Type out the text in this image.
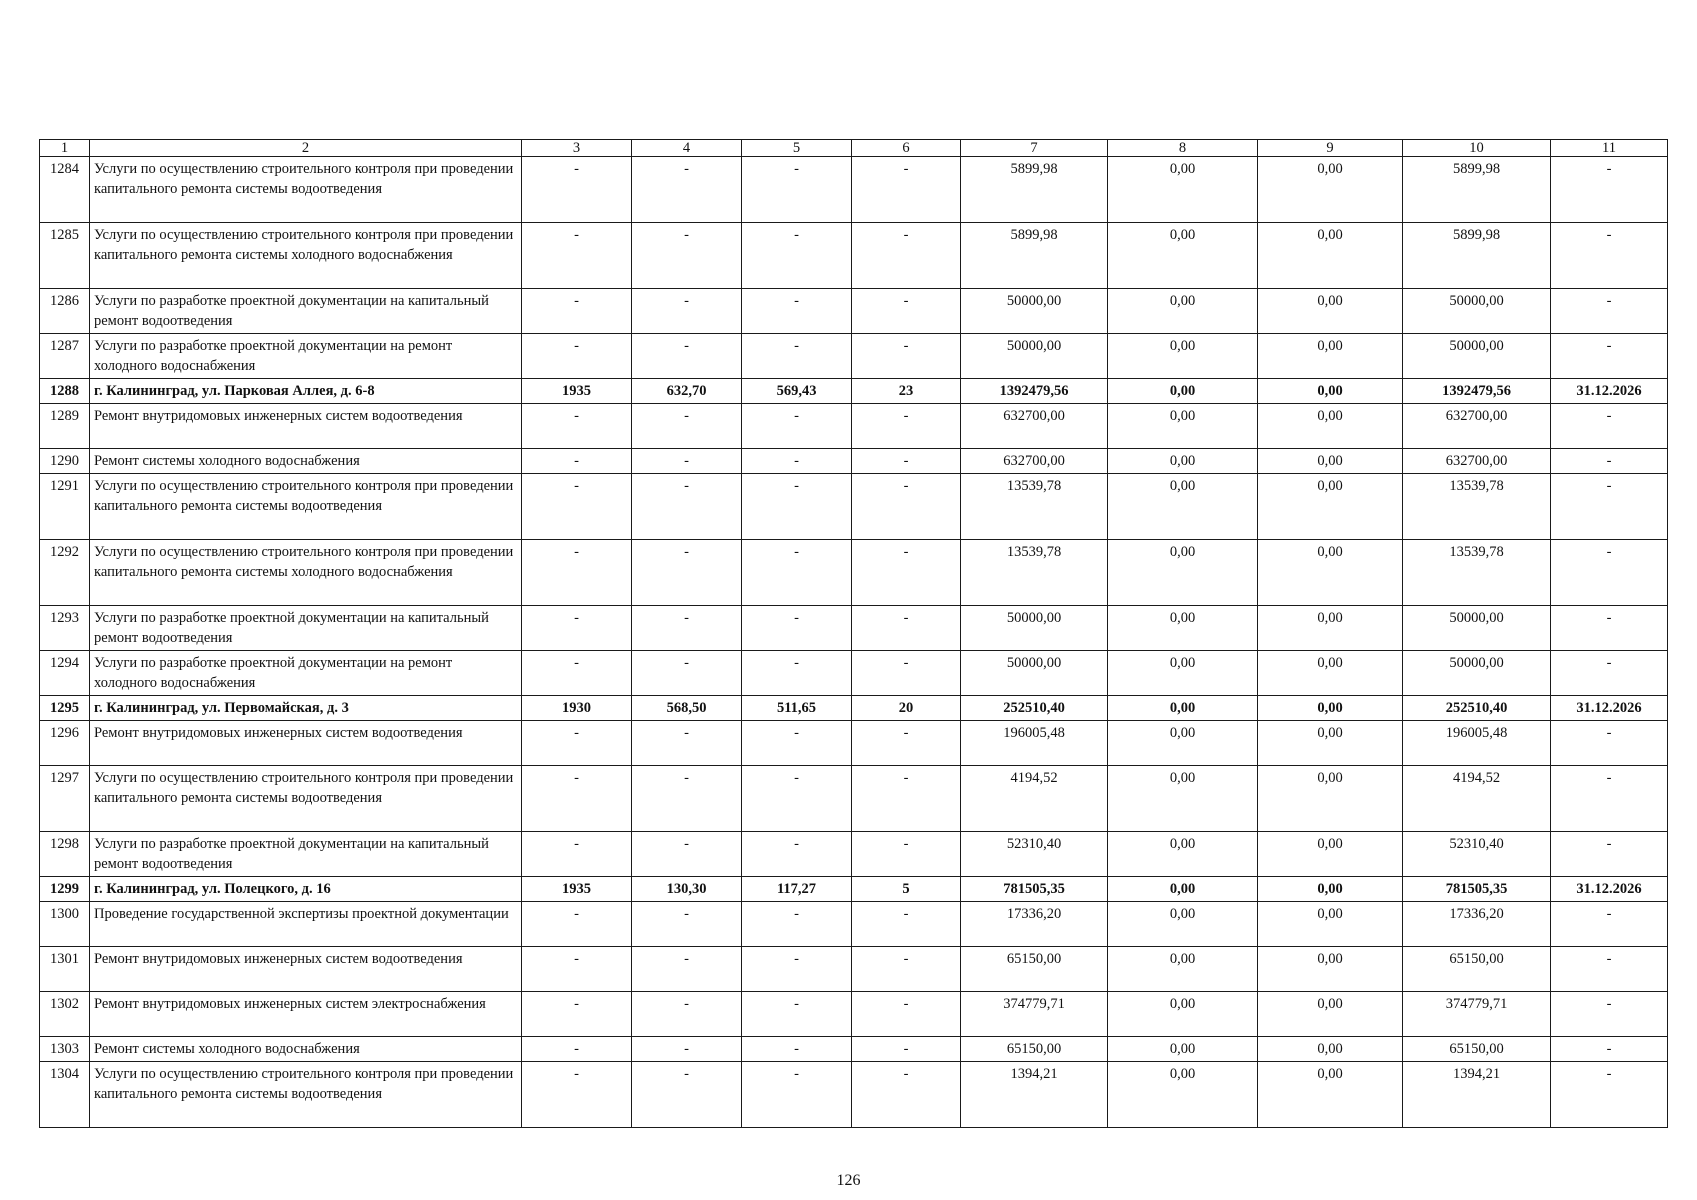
1	2	3	4	5	6	7	8	9	10	11
1284	Услуги по осуществлению строительного контроля при проведении капитального ремонта системы водоотведения	-	-	-	-	5899,98	0,00	0,00	5899,98	-
1285	Услуги по осуществлению строительного контроля при проведении капитального ремонта системы холодного водоснабжения	-	-	-	-	5899,98	0,00	0,00	5899,98	-
1286	Услуги по разработке проектной документации на капитальный ремонт водоотведения	-	-	-	-	50000,00	0,00	0,00	50000,00	-
1287	Услуги по разработке проектной документации на ремонт холодного водоснабжения	-	-	-	-	50000,00	0,00	0,00	50000,00	-
1288	г. Калининград, ул. Парковая Аллея, д. 6-8	1935	632,70	569,43	23	1392479,56	0,00	0,00	1392479,56	31.12.2026
1289	Ремонт внутридомовых инженерных систем водоотведения	-	-	-	-	632700,00	0,00	0,00	632700,00	-
1290	Ремонт системы холодного водоснабжения	-	-	-	-	632700,00	0,00	0,00	632700,00	-
1291	Услуги по осуществлению строительного контроля при проведении капитального ремонта системы водоотведения	-	-	-	-	13539,78	0,00	0,00	13539,78	-
1292	Услуги по осуществлению строительного контроля при проведении капитального ремонта системы холодного водоснабжения	-	-	-	-	13539,78	0,00	0,00	13539,78	-
1293	Услуги по разработке проектной документации на капитальный ремонт водоотведения	-	-	-	-	50000,00	0,00	0,00	50000,00	-
1294	Услуги по разработке проектной документации на ремонт холодного водоснабжения	-	-	-	-	50000,00	0,00	0,00	50000,00	-
1295	г. Калининград, ул. Первомайская, д. 3	1930	568,50	511,65	20	252510,40	0,00	0,00	252510,40	31.12.2026
1296	Ремонт внутридомовых инженерных систем водоотведения	-	-	-	-	196005,48	0,00	0,00	196005,48	-
1297	Услуги по осуществлению строительного контроля при проведении капитального ремонта системы водоотведения	-	-	-	-	4194,52	0,00	0,00	4194,52	-
1298	Услуги по разработке проектной документации на капитальный ремонт водоотведения	-	-	-	-	52310,40	0,00	0,00	52310,40	-
1299	г. Калининград, ул. Полецкого, д. 16	1935	130,30	117,27	5	781505,35	0,00	0,00	781505,35	31.12.2026
1300	Проведение государственной экспертизы проектной документации	-	-	-	-	17336,20	0,00	0,00	17336,20	-
1301	Ремонт внутридомовых инженерных систем водоотведения	-	-	-	-	65150,00	0,00	0,00	65150,00	-
1302	Ремонт внутридомовых инженерных систем электроснабжения	-	-	-	-	374779,71	0,00	0,00	374779,71	-
1303	Ремонт системы холодного водоснабжения	-	-	-	-	65150,00	0,00	0,00	65150,00	-
1304	Услуги по осуществлению строительного контроля при проведении капитального ремонта системы водоотведения	-	-	-	-	1394,21	0,00	0,00	1394,21	-
126
